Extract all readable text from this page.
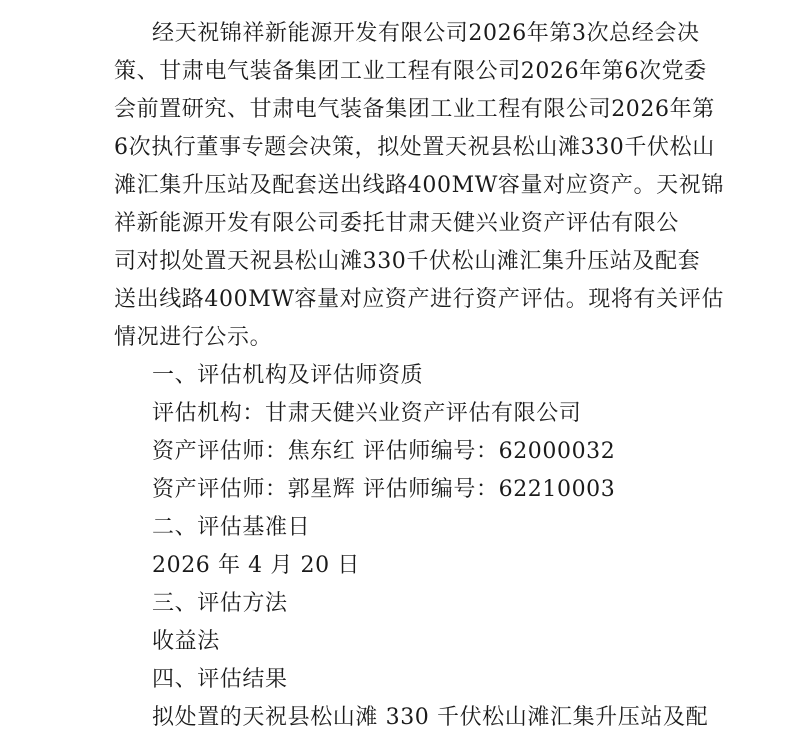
经天祝锦祥新能源开发有限公司2026年第3次总经会决
策、甘肃电气装备集团工业工程有限公司2026年第6次党委
会前置研究、甘肃电气装备集团工业工程有限公司2026年第
6次执行董事专题会决策，拟处置天祝县松山滩330千伏松山
滩汇集升压站及配套送出线路400MW容量对应资产。天祝锦
祥新能源开发有限公司委托甘肃天健兴业资产评估有限公
司对拟处置天祝县松山滩330千伏松山滩汇集升压站及配套
送出线路400MW容量对应资产进行资产评估。现将有关评估
情况进行公示。
一、评估机构及评估师资质
评估机构：甘肃天健兴业资产评估有限公司
资产评估师：焦东红 评估师编号：62000032
资产评估师：郭星辉 评估师编号：62210003
二、评估基准日
2026 年 4 月 20 日
三、评估方法
收益法
四、评估结果
拟处置的天祝县松山滩 330 千伏松山滩汇集升压站及配
